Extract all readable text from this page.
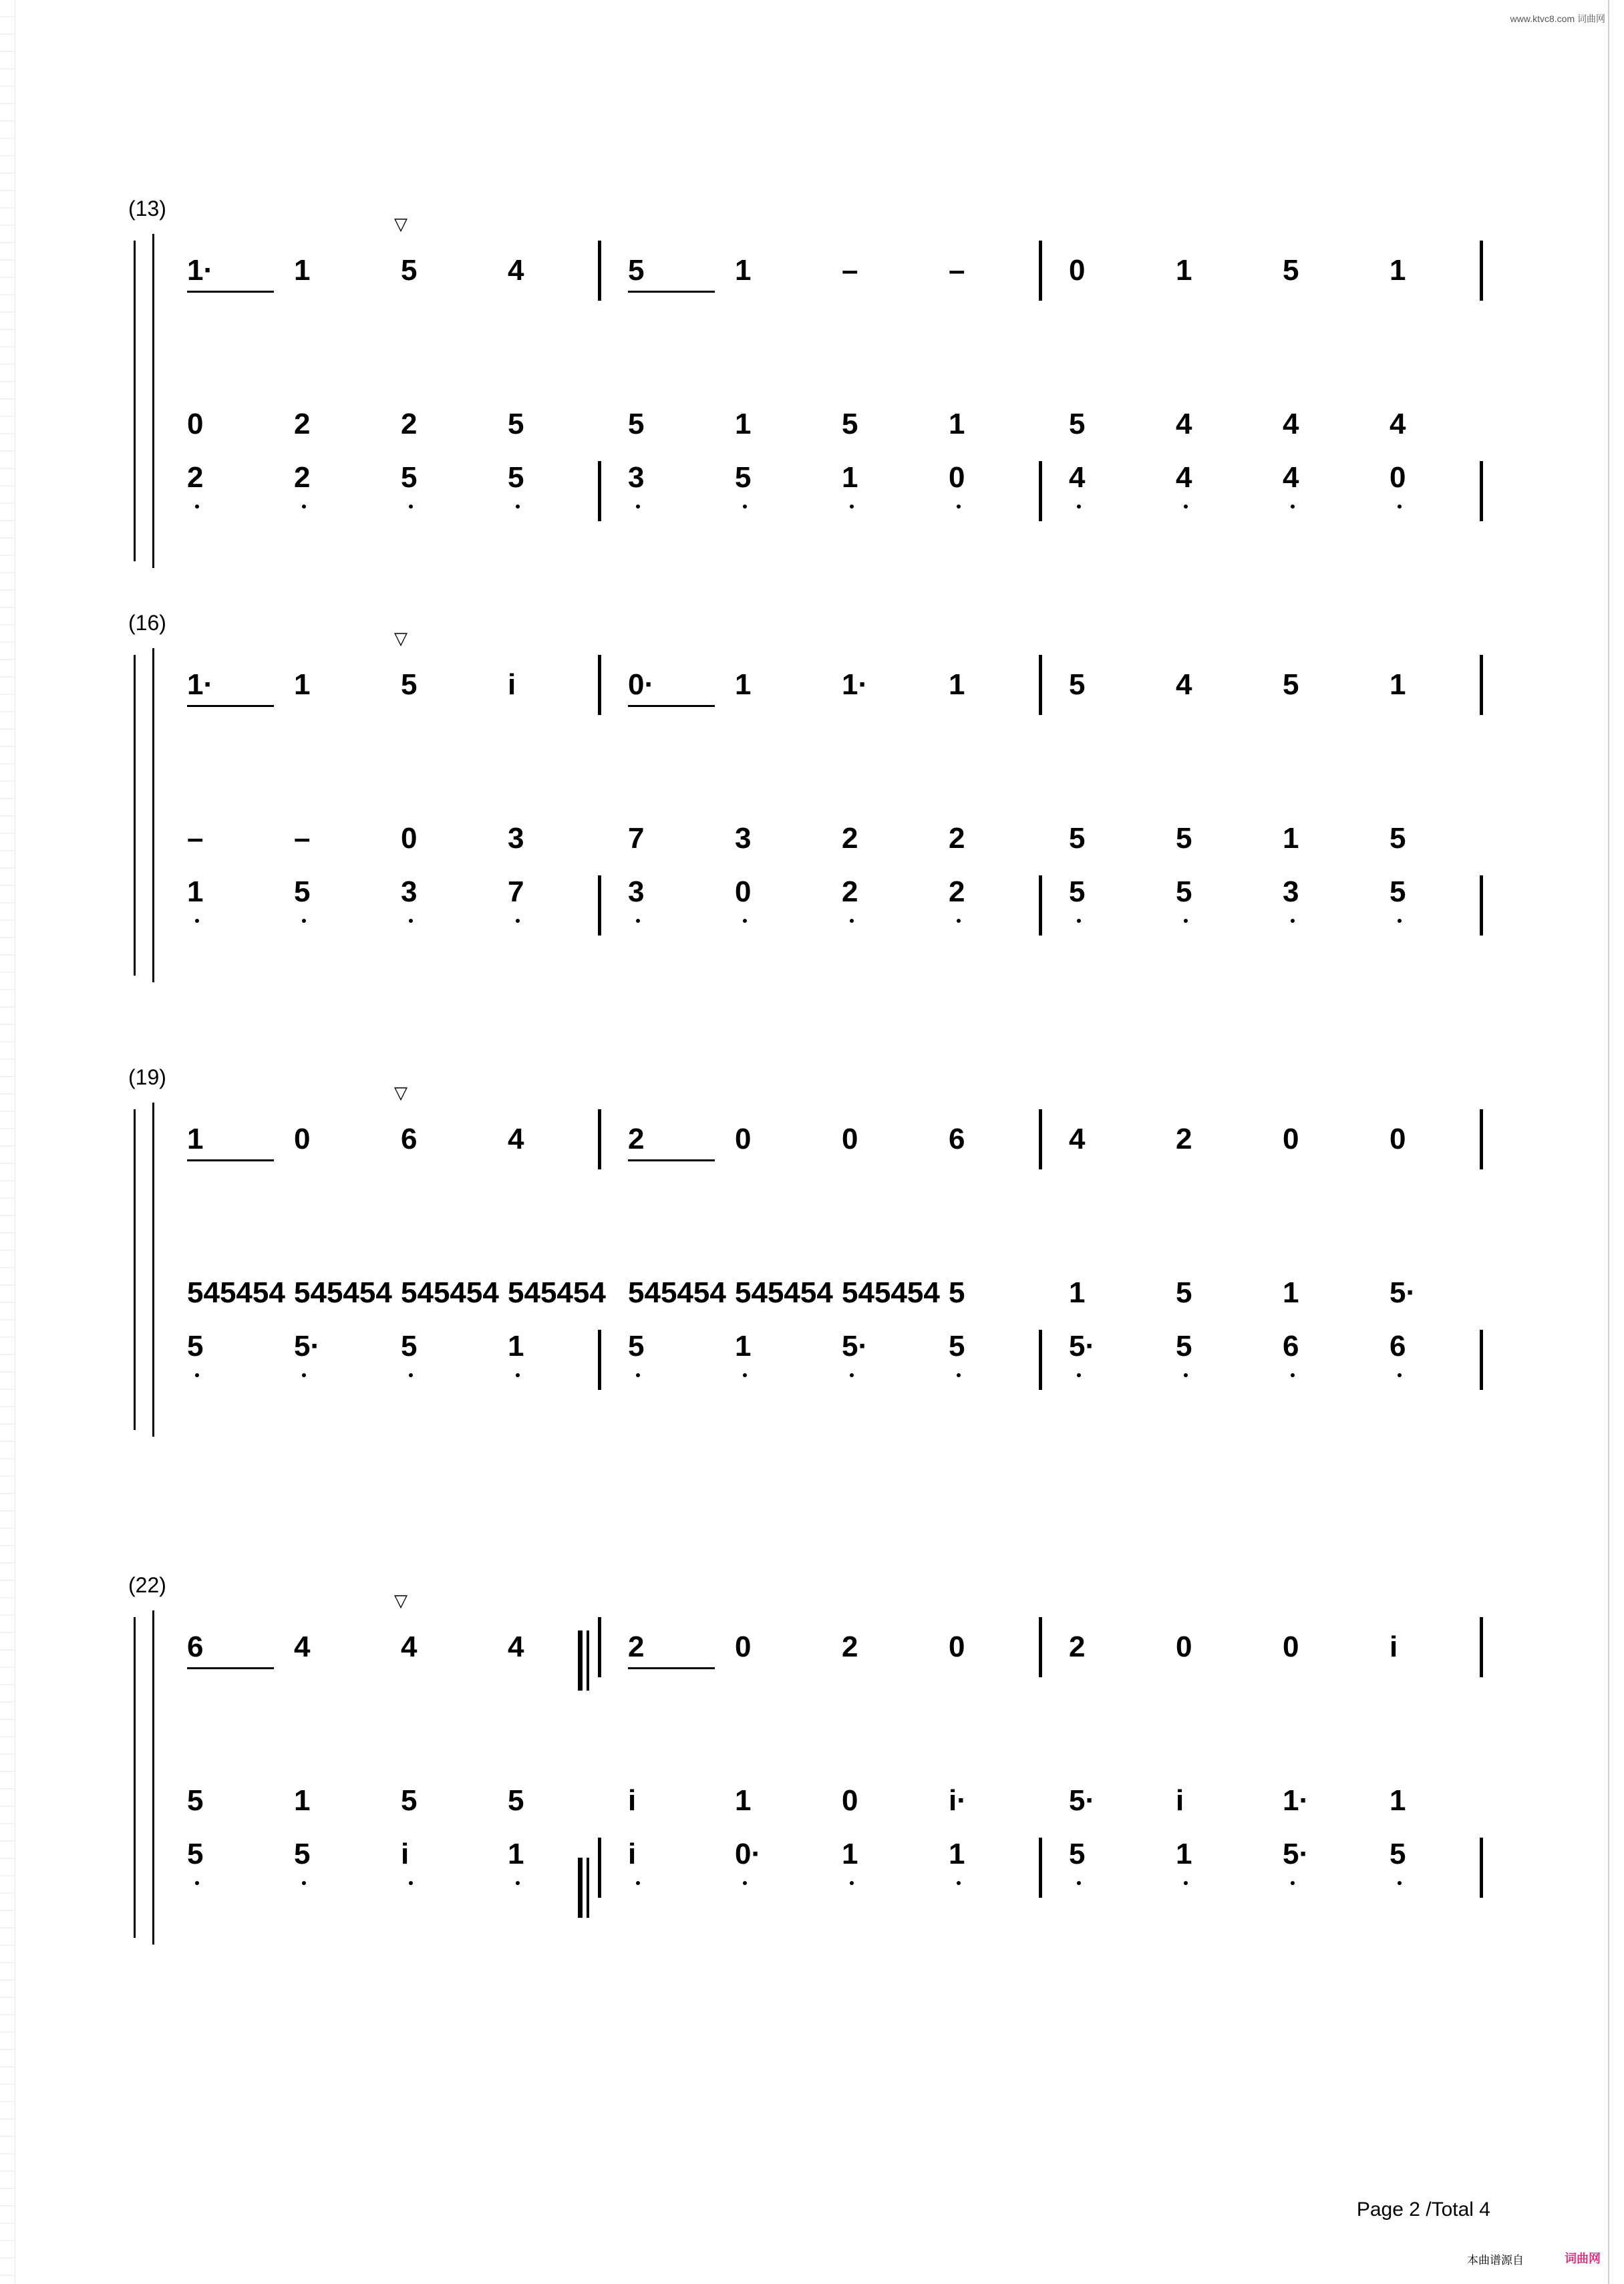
www.ktvc8.com 词曲网
(13)
1·	1	5	4	5	1	–	–	0	1	5	1
0	2	2	5	5	1	5	1	5	4	4	4
2	2	5	5	3	5	1	0	4	4	4	0
▽
(16)
1·	1	5	i	0·	1	1·	1	5	4	5	1
–	–	0	3	7	3	2	2	5	5	1	5
1	5	3	7	3	0	2	2	5	5	3	5
▽
(19)
1	0	6	4	2	0	0	6	4	2	0	0
545454 545454 545454 545454 545454 545454 545454 5	1	5	1	5·
5	5·	5	1	5	1	5·	5	5·	5	6	6
▽
(22)
6	4	4	4	2	0	2	0	2	0	0	i
5	1	5	5	i	1	0	i·	5·	i	1·	1
5	5	i	1	i	0·	1	1	5	1	5·	5
▽
Page 2 /Total 4
本曲谱源自	词曲网
